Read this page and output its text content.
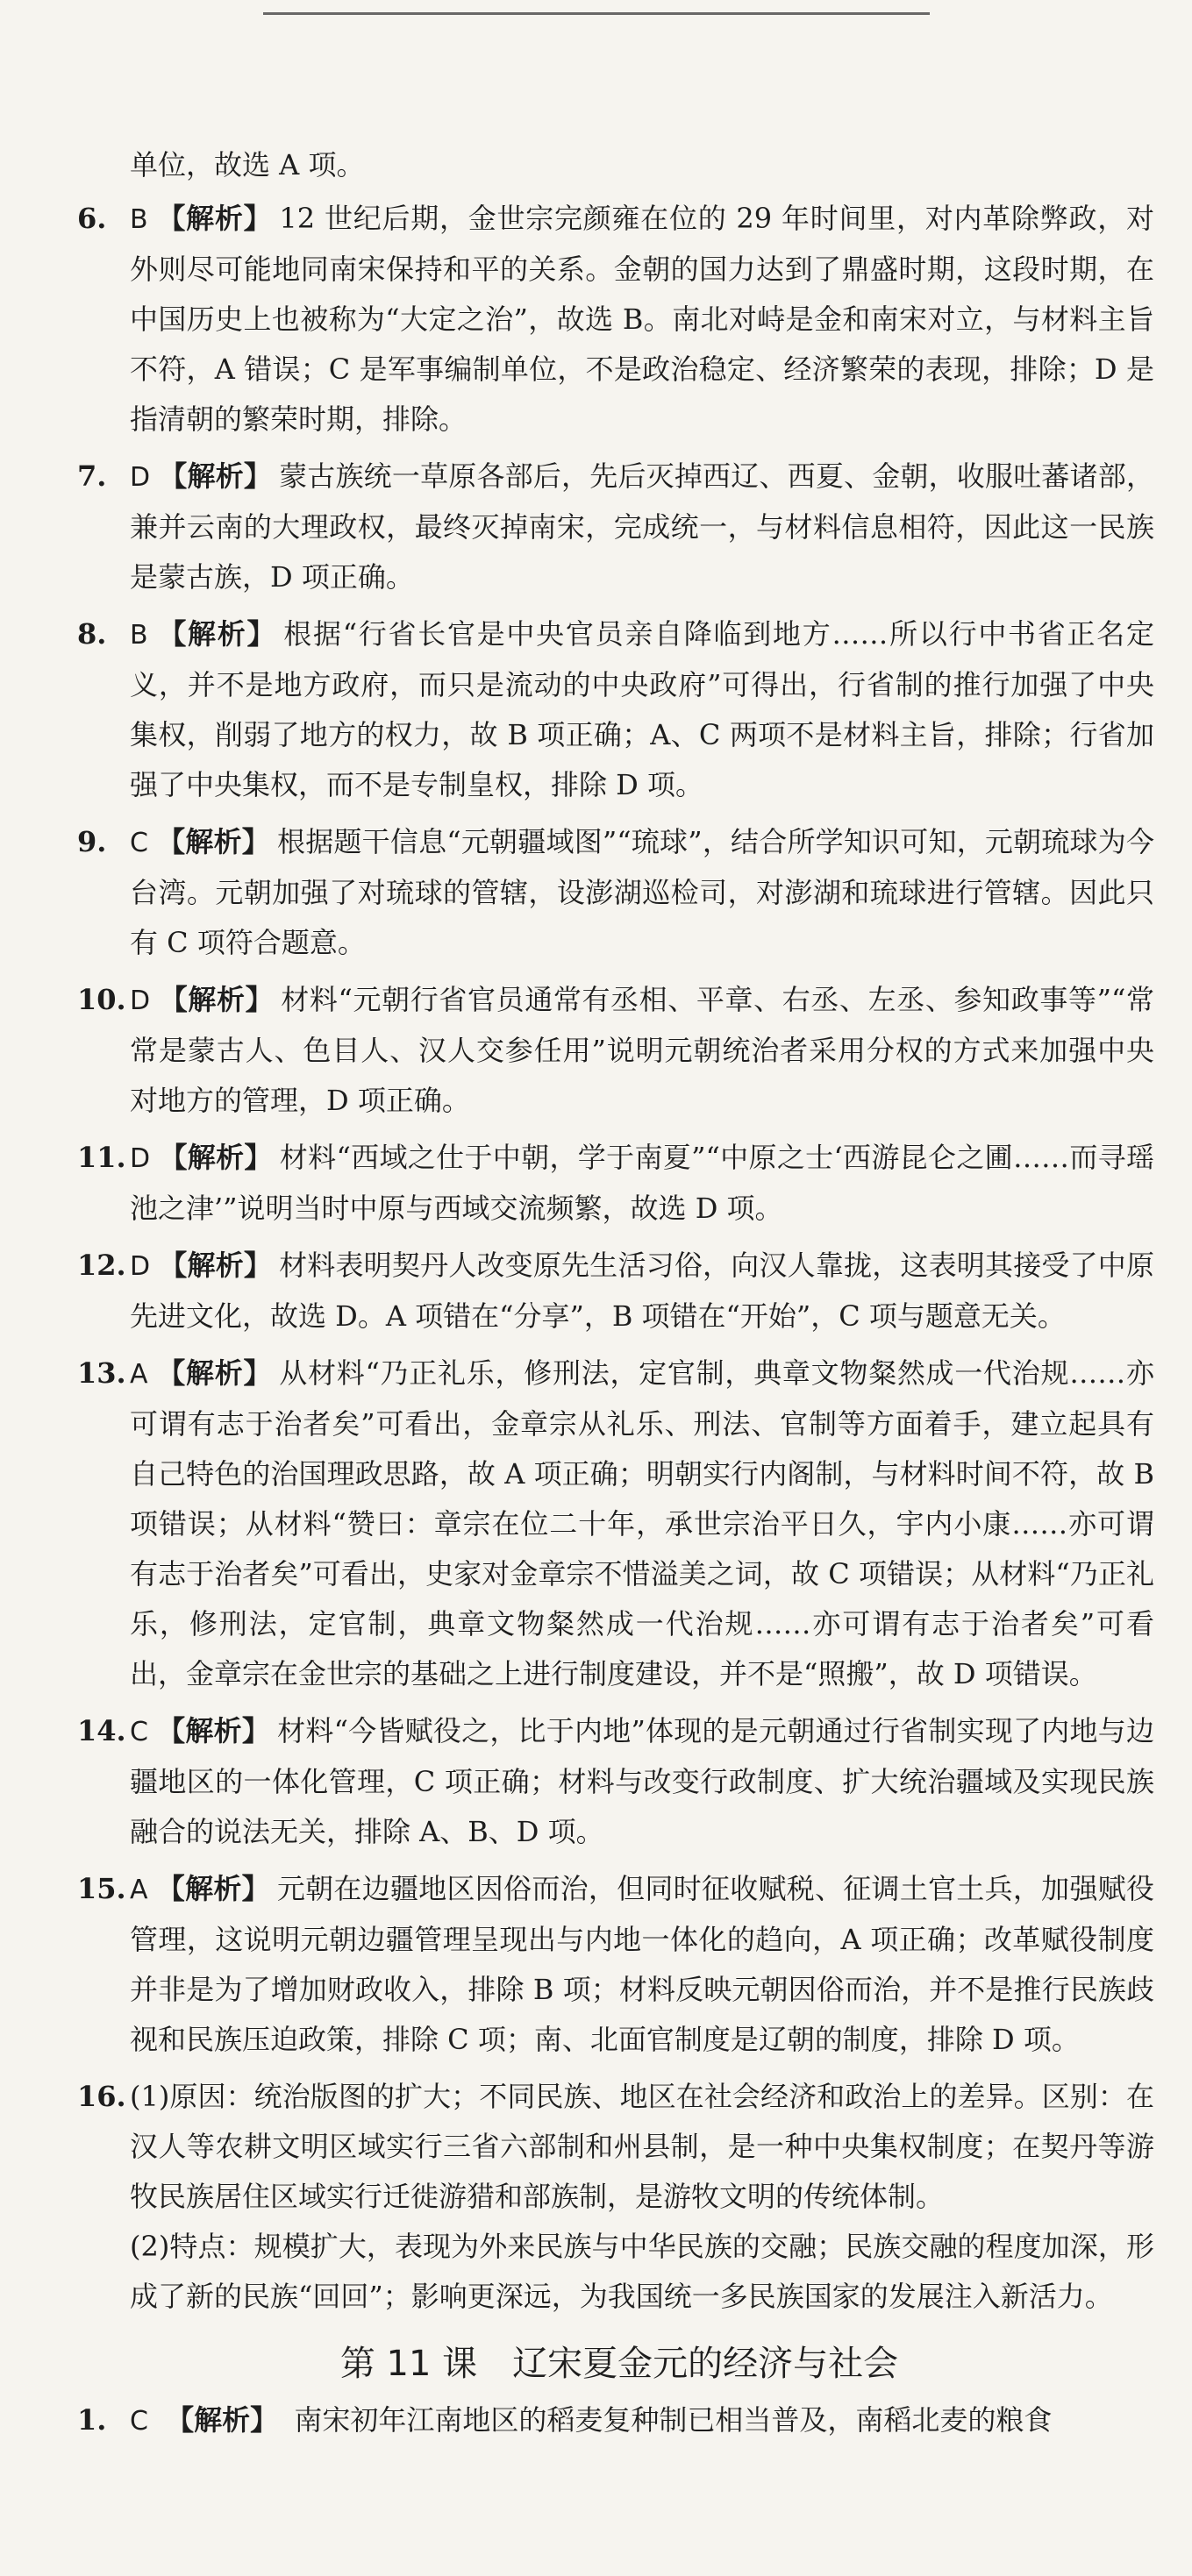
单位，故选 A 项。
6. B 【解析】 12 世纪后期，金世宗完颜雍在位的 29 年时间里，对内革除弊政，对外则尽可能地同南宋保持和平的关系。金朝的国力达到了鼎盛时期，这段时期，在中国历史上也被称为“大定之治”，故选 B。南北对峙是金和南宋对立，与材料主旨不符，A 错误；C 是军事编制单位，不是政治稳定、经济繁荣的表现，排除；D 是指清朝的繁荣时期，排除。
7. D 【解析】 蒙古族统一草原各部后，先后灭掉西辽、西夏、金朝，收服吐蕃诸部，兼并云南的大理政权，最终灭掉南宋，完成统一，与材料信息相符，因此这一民族是蒙古族，D 项正确。
8. B 【解析】 根据“行省长官是中央官员亲自降临到地方……所以行中书省正名定义，并不是地方政府，而只是流动的中央政府”可得出，行省制的推行加强了中央集权，削弱了地方的权力，故 B 项正确；A、C 两项不是材料主旨，排除；行省加强了中央集权，而不是专制皇权，排除 D 项。
9. C 【解析】 根据题干信息“元朝疆域图”“琉球”，结合所学知识可知，元朝琉球为今台湾。元朝加强了对琉球的管辖，设澎湖巡检司，对澎湖和琉球进行管辖。因此只有 C 项符合题意。
10. D 【解析】 材料“元朝行省官员通常有丞相、平章、右丞、左丞、参知政事等”“常常是蒙古人、色目人、汉人交参任用”说明元朝统治者采用分权的方式来加强中央对地方的管理，D 项正确。
11. D 【解析】 材料“西域之仕于中朝，学于南夏”“中原之士‘西游昆仑之圃……而寻瑶池之津’”说明当时中原与西域交流频繁，故选 D 项。
12. D 【解析】 材料表明契丹人改变原先生活习俗，向汉人靠拢，这表明其接受了中原先进文化，故选 D。A 项错在“分享”，B 项错在“开始”，C 项与题意无关。
13. A 【解析】 从材料“乃正礼乐，修刑法，定官制，典章文物粲然成一代治规……亦可谓有志于治者矣”可看出，金章宗从礼乐、刑法、官制等方面着手，建立起具有自己特色的治国理政思路，故 A 项正确；明朝实行内阁制，与材料时间不符，故 B 项错误；从材料“赞曰：章宗在位二十年，承世宗治平日久，宇内小康……亦可谓有志于治者矣”可看出，史家对金章宗不惜溢美之词，故 C 项错误；从材料“乃正礼乐，修刑法，定官制，典章文物粲然成一代治规……亦可谓有志于治者矣”可看出，金章宗在金世宗的基础之上进行制度建设，并不是“照搬”，故 D 项错误。
14. C 【解析】 材料“今皆赋役之，比于内地”体现的是元朝通过行省制实现了内地与边疆地区的一体化管理，C 项正确；材料与改变行政制度、扩大统治疆域及实现民族融合的说法无关，排除 A、B、D 项。
15. A 【解析】 元朝在边疆地区因俗而治，但同时征收赋税、征调土官土兵，加强赋役管理，这说明元朝边疆管理呈现出与内地一体化的趋向，A 项正确；改革赋役制度并非是为了增加财政收入，排除 B 项；材料反映元朝因俗而治，并不是推行民族歧视和民族压迫政策，排除 C 项；南、北面官制度是辽朝的制度，排除 D 项。
16. (1)原因：统治版图的扩大；不同民族、地区在社会经济和政治上的差异。区别：在汉人等农耕文明区域实行三省六部制和州县制，是一种中央集权制度；在契丹等游牧民族居住区域实行迁徙游猎和部族制，是游牧文明的传统体制。
(2)特点：规模扩大，表现为外来民族与中华民族的交融；民族交融的程度加深，形成了新的民族“回回”；影响更深远，为我国统一多民族国家的发展注入新活力。
第 11 课　辽宋夏金元的经济与社会
1. C 【解析】 南宋初年江南地区的稻麦复种制已相当普及，南稻北麦的粮食
